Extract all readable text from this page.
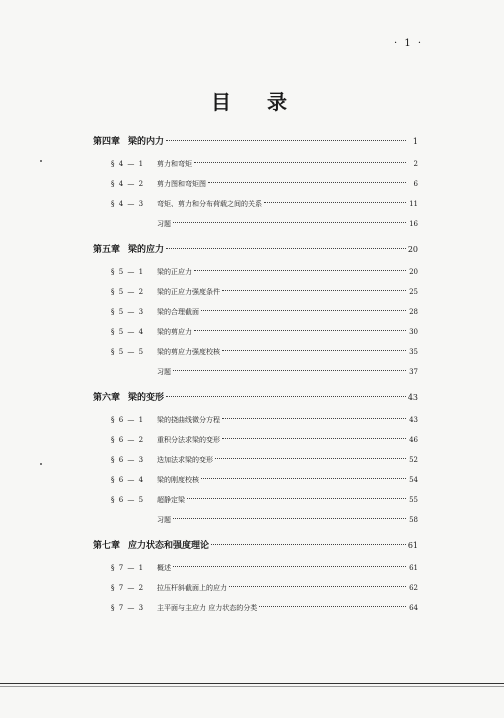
· 1 ·
目录
第四章 梁的内力	1
§ 4 — 1	剪力和弯矩	2
§ 4 — 2	剪力图和弯矩图	6
§ 4 — 3	弯矩、剪力和分布荷载之间的关系	11
习题	16
第五章 梁的应力	20
§ 5 — 1	梁的正应力	20
§ 5 — 2	梁的正应力强度条件	25
§ 5 — 3	梁的合理截面	28
§ 5 — 4	梁的剪应力	30
§ 5 — 5	梁的剪应力强度校核	35
习题	37
第六章 梁的变形	43
§ 6 — 1	梁的挠曲线微分方程	43
§ 6 — 2	重积分法求梁的变形	46
§ 6 — 3	迭加法求梁的变形	52
§ 6 — 4	梁的刚度校核	54
§ 6 — 5	超静定梁	55
习题	58
第七章 应力状态和强度理论	61
§ 7 — 1	概述	61
§ 7 — 2	拉压杆斜截面上的应力	62
§ 7 — 3	主平面与主应力 应力状态的分类	64
